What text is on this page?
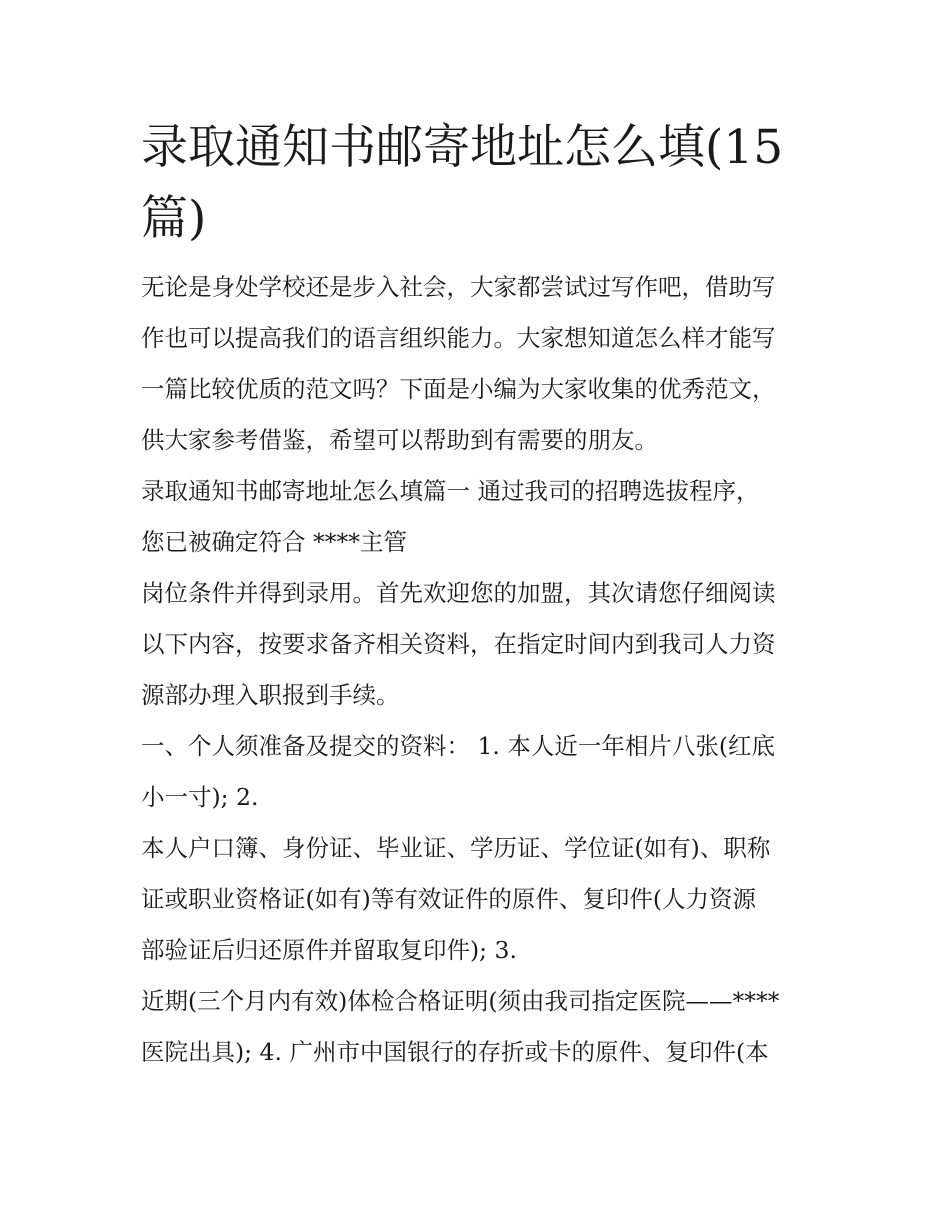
录取通知书邮寄地址怎么填(15
篇)
无论是身处学校还是步入社会，大家都尝试过写作吧，借助写
作也可以提高我们的语言组织能力。大家想知道怎么样才能写
一篇比较优质的范文吗？下面是小编为大家收集的优秀范文，
供大家参考借鉴，希望可以帮助到有需要的朋友。
录取通知书邮寄地址怎么填篇一 通过我司的招聘选拔程序，
您已被确定符合 ****主管
岗位条件并得到录用。首先欢迎您的加盟，其次请您仔细阅读
以下内容，按要求备齐相关资料，在指定时间内到我司人力资
源部办理入职报到手续。
一、个人须准备及提交的资料： 1. 本人近一年相片八张(红底
小一寸); 2.
本人户口簿、身份证、毕业证、学历证、学位证(如有)、职称
证或职业资格证(如有)等有效证件的原件、复印件(人力资源
部验证后归还原件并留取复印件); 3.
近期(三个月内有效)体检合格证明(须由我司指定医院——****
医院出具); 4. 广州市中国银行的存折或卡的原件、复印件(本
